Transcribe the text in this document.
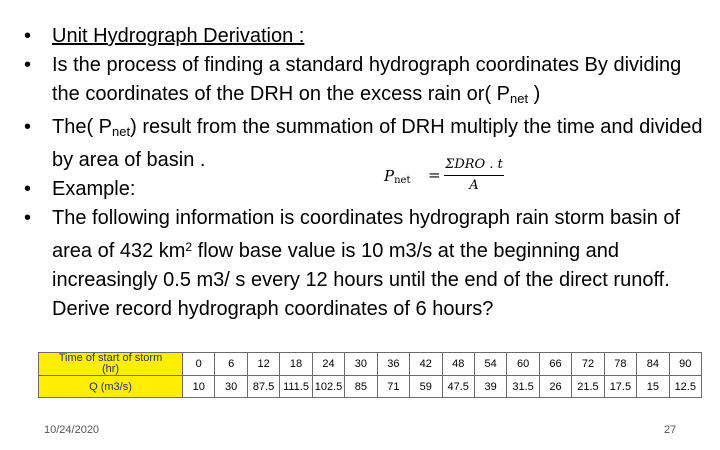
•	Unit Hydrograph Derivation :

•	Is the process of finding a standard hydrograph coordinates By dividing the coordinates of the DRH on the excess rain or( $P_{net}$ )

•	The( $P_{net}$) result from the summation of DRH multiply the time and divided by area of basin .

•	Example:

•	The following information is coordinates hydrograph rain storm basin of area of 432 $km^2$ flow base value is 10 m3/s at the beginning and increasingly 0.5 m3/ s every 12 hours until the end of the direct runoff. Derive record hydrograph coordinates of 6 hours?

$P_{net}$ =
ΣDRO . t
A
Time of start of storm
(hr)	0	6	12	18	24	30	36	42	48	54	60	66	72	78	84	90
Q (m3/s)	10	30	87.5	111.5	102.5	85	71	59	47.5	39	31.5	26	21.5	17.5	15	12.5
10/24/2020	27
